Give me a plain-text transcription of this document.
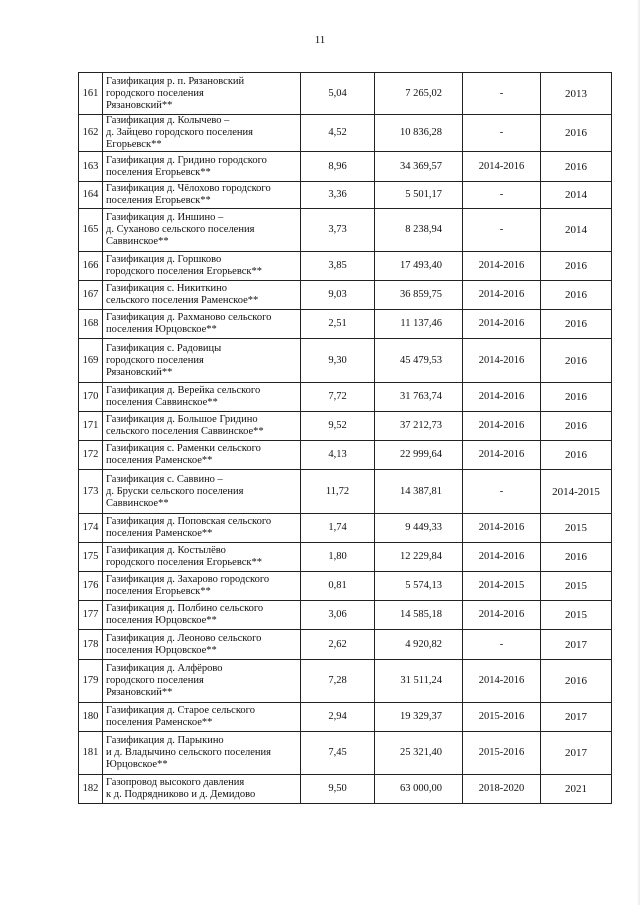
11
161	Газификация р. п. Рязановский
городского поселения
Рязановский**	5,04	7 265,02	-	2013
162	Газификация д. Колычево –
д. Зайцево городского поселения
Егорьевск**	4,52	10 836,28	-	2016
163	Газификация д. Гридино городского
поселения Егорьевск**	8,96	34 369,57	2014-2016	2016
164	Газификация д. Чёлохово городского
поселения Егорьевск**	3,36	5 501,17	-	2014
165	Газификация д. Иншино –
д. Суханово сельского поселения
Саввинское**	3,73	8 238,94	-	2014
166	Газификация д. Горшково
городского поселения Егорьевск**	3,85	17 493,40	2014-2016	2016
167	Газификация с. Никиткино
сельского поселения Раменское**	9,03	36 859,75	2014-2016	2016
168	Газификация д. Рахманово сельского
поселения Юрцовское**	2,51	11 137,46	2014-2016	2016
169	Газификация с. Радовицы
городского поселения
Рязановский**	9,30	45 479,53	2014-2016	2016
170	Газификация д. Верейка сельского
поселения Саввинское**	7,72	31 763,74	2014-2016	2016
171	Газификация д. Большое Гридино
сельского поселения Саввинское**	9,52	37 212,73	2014-2016	2016
172	Газификация с. Раменки сельского
поселения Раменское**	4,13	22 999,64	2014-2016	2016
173	Газификация с. Саввино –
д. Бруски сельского поселения
Саввинское**	11,72	14 387,81	-	2014-2015
174	Газификация д. Поповская сельского
поселения Раменское**	1,74	9 449,33	2014-2016	2015
175	Газификация д. Костылёво
городского поселения Егорьевск**	1,80	12 229,84	2014-2016	2016
176	Газификация д. Захарово городского
поселения Егорьевск**	0,81	5 574,13	2014-2015	2015
177	Газификация д. Полбино сельского
поселения Юрцовское**	3,06	14 585,18	2014-2016	2015
178	Газификация д. Леоново сельского
поселения Юрцовское**	2,62	4 920,82	-	2017
179	Газификация д. Алфёрово
городского поселения
Рязановский**	7,28	31 511,24	2014-2016	2016
180	Газификация д. Старое сельского
поселения Раменское**	2,94	19 329,37	2015-2016	2017
181	Газификация д. Парыкино
и д. Владычино сельского поселения
Юрцовское**	7,45	25 321,40	2015-2016	2017
182	Газопровод высокого давления
к д. Подрядниково и д. Демидово	9,50	63 000,00	2018-2020	2021
